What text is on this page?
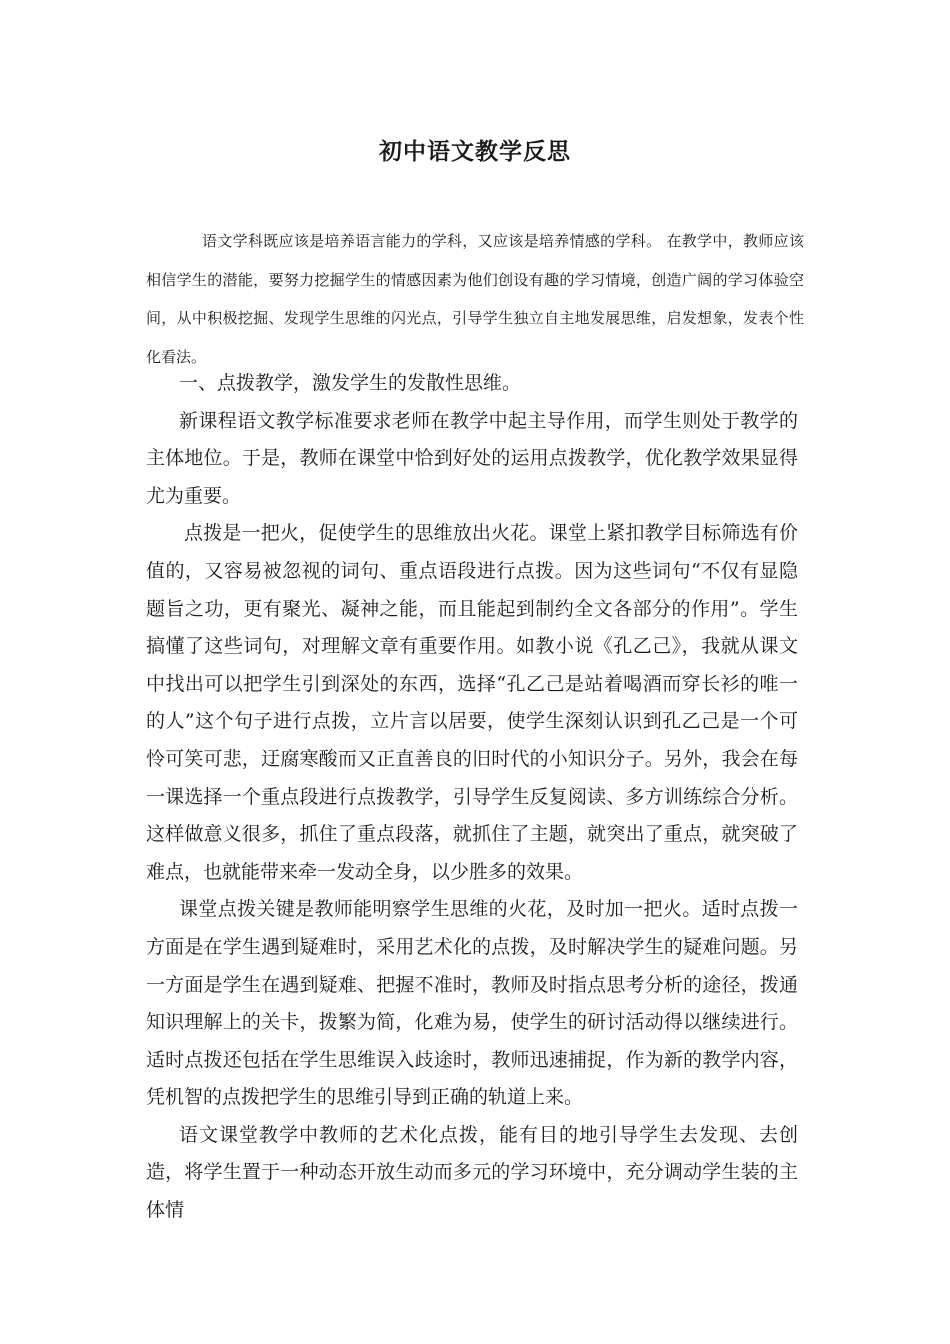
初中语文教学反思

语文学科既应该是培养语言能力的学科，又应该是培养情感的学科。 在教学中，教师应该相信学生的潜能，要努力挖掘学生的情感因素为他们创设有趣的学习情境，创造广阔的学习体验空间，从中积极挖掘、发现学生思维的闪光点，引导学生独立自主地发展思维，启发想象，发表个性化看法。

一、点拨教学，激发学生的发散性思维。

新课程语文教学标准要求老师在教学中起主导作用，而学生则处于教学的主体地位。于是，教师在课堂中恰到好处的运用点拨教学，优化教学效果显得尤为重要。

点拨是一把火，促使学生的思维放出火花。课堂上紧扣教学目标筛选有价值的，又容易被忽视的词句、重点语段进行点拨。因为这些词句“不仅有显隐题旨之功，更有聚光、凝神之能，而且能起到制约全文各部分的作用”。学生搞懂了这些词句，对理解文章有重要作用。如教小说《孔乙己》，我就从课文中找出可以把学生引到深处的东西，选择“孔乙己是站着喝酒而穿长衫的唯一的人”这个句子进行点拨，立片言以居要，使学生深刻认识到孔乙己是一个可怜可笑可悲，迂腐寒酸而又正直善良的旧时代的小知识分子。另外，我会在每一课选择一个重点段进行点拨教学，引导学生反复阅读、多方训练综合分析。这样做意义很多，抓住了重点段落，就抓住了主题，就突出了重点，就突破了难点，也就能带来牵一发动全身，以少胜多的效果。

课堂点拨关键是教师能明察学生思维的火花，及时加一把火。适时点拨一方面是在学生遇到疑难时，采用艺术化的点拨，及时解决学生的疑难问题。另一方面是学生在遇到疑难、把握不准时，教师及时指点思考分析的途径，拨通知识理解上的关卡，拨繁为简，化难为易，使学生的研讨活动得以继续进行。适时点拨还包括在学生思维误入歧途时，教师迅速捕捉，作为新的教学内容，凭机智的点拨把学生的思维引导到正确的轨道上来。

语文课堂教学中教师的艺术化点拨，能有目的地引导学生去发现、去创造，将学生置于一种动态开放生动而多元的学习环境中，充分调动学生装的主体情
